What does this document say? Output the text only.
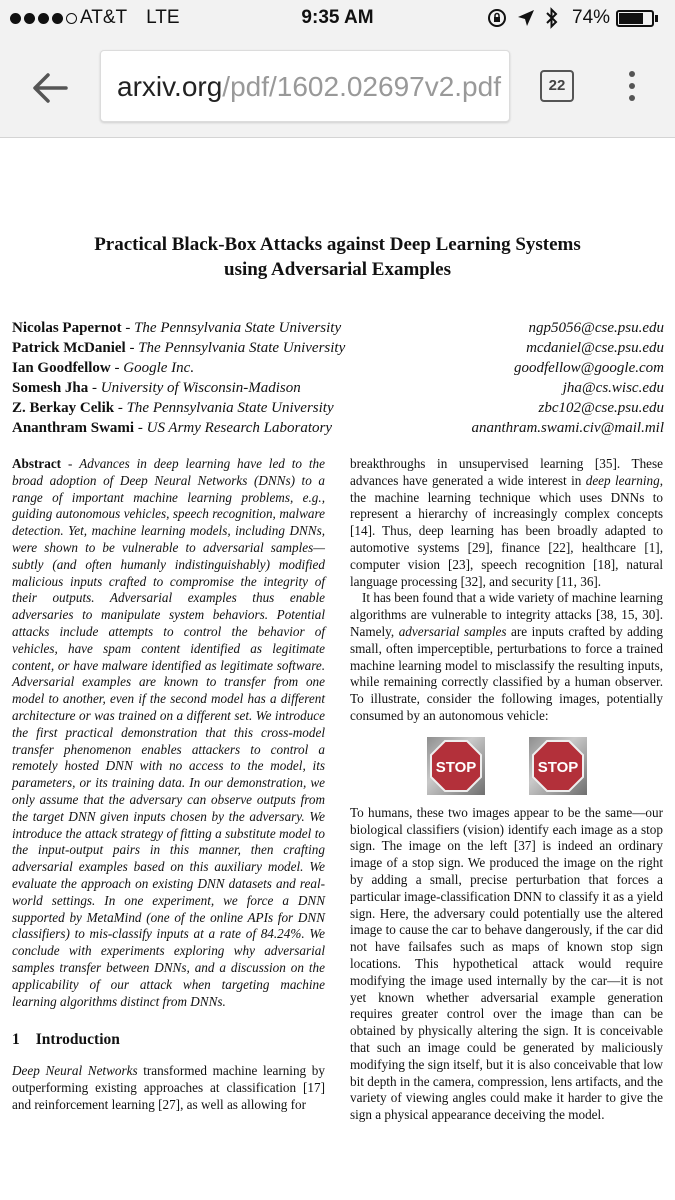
AT&T LTE	9:35 AM	74%
arxiv.org/pdf/1602.02697v2.pdf	22
Practical Black-Box Attacks against Deep Learning Systems
using Adversarial Examples
Nicolas Papernot - The Pennsylvania State University	ngp5056@cse.psu.edu
Patrick McDaniel - The Pennsylvania State University	mcdaniel@cse.psu.edu
Ian Goodfellow - Google Inc.	goodfellow@google.com
Somesh Jha - University of Wisconsin-Madison	jha@cs.wisc.edu
Z. Berkay Celik - The Pennsylvania State University	zbc102@cse.psu.edu
Ananthram Swami - US Army Research Laboratory	ananthram.swami.civ@mail.mil

Abstract - Advances in deep learning have led to the broad adoption of Deep Neural Networks (DNNs) to a range of important machine learning problems, e.g., guiding autonomous vehicles, speech recognition, malware detection. Yet, machine learning models, including DNNs, were shown to be vulnerable to adversarial samples—subtly (and often humanly indistinguishably) modified malicious inputs crafted to compromise the integrity of their outputs. Adversarial examples thus enable adversaries to manipulate system behaviors. Potential attacks include attempts to control the behavior of vehicles, have spam content identified as legitimate content, or have malware identified as legitimate software. Adversarial examples are known to transfer from one model to another, even if the second model has a different architecture or was trained on a different set. We introduce the first practical demonstration that this cross-model transfer phenomenon enables attackers to control a remotely hosted DNN with no access to the model, its parameters, or its training data. In our demonstration, we only assume that the adversary can observe outputs from the target DNN given inputs chosen by the adversary. We introduce the attack strategy of fitting a substitute model to the input-output pairs in this manner, then crafting adversarial examples based on this auxiliary model. We evaluate the approach on existing DNN datasets and real-world settings. In one experiment, we force a DNN supported by MetaMind (one of the online APIs for DNN classifiers) to mis-classify inputs at a rate of 84.24%. We conclude with experiments exploring why adversarial samples transfer between DNNs, and a discussion on the applicability of our attack when targeting machine learning algorithms distinct from DNNs.

1 Introduction

Deep Neural Networks transformed machine learning by outperforming existing approaches at classification [17] and reinforcement learning [27], as well as allowing for

breakthroughs in unsupervised learning [35]. These advances have generated a wide interest in deep learning, the machine learning technique which uses DNNs to represent a hierarchy of increasingly complex concepts [14]. Thus, deep learning has been broadly adapted to automotive systems [29], finance [22], healthcare [1], computer vision [23], speech recognition [18], natural language processing [32], and security [11, 36].

It has been found that a wide variety of machine learning algorithms are vulnerable to integrity attacks [38, 15, 30]. Namely, adversarial samples are inputs crafted by adding small, often imperceptible, perturbations to force a trained machine learning model to misclassify the resulting inputs, while remaining correctly classified by a human observer. To illustrate, consider the following images, potentially consumed by an autonomous vehicle:

STOP	STOP

To humans, these two images appear to be the same—our biological classifiers (vision) identify each image as a stop sign. The image on the left [37] is indeed an ordinary image of a stop sign. We produced the image on the right by adding a small, precise perturbation that forces a particular image-classification DNN to classify it as a yield sign. Here, the adversary could potentially use the altered image to cause the car to behave dangerously, if the car did not have failsafes such as maps of known stop sign locations. This hypothetical attack would require modifying the image used internally by the car—it is not yet known whether adversarial example generation requires greater control over the image than can be obtained by physically altering the sign. It is conceivable that such an image could be generated by maliciously modifying the sign itself, but it is also conceivable that low bit depth in the camera, compression, lens artifacts, and the variety of viewing angles could make it harder to give the sign a physical appearance deceiving the model.
